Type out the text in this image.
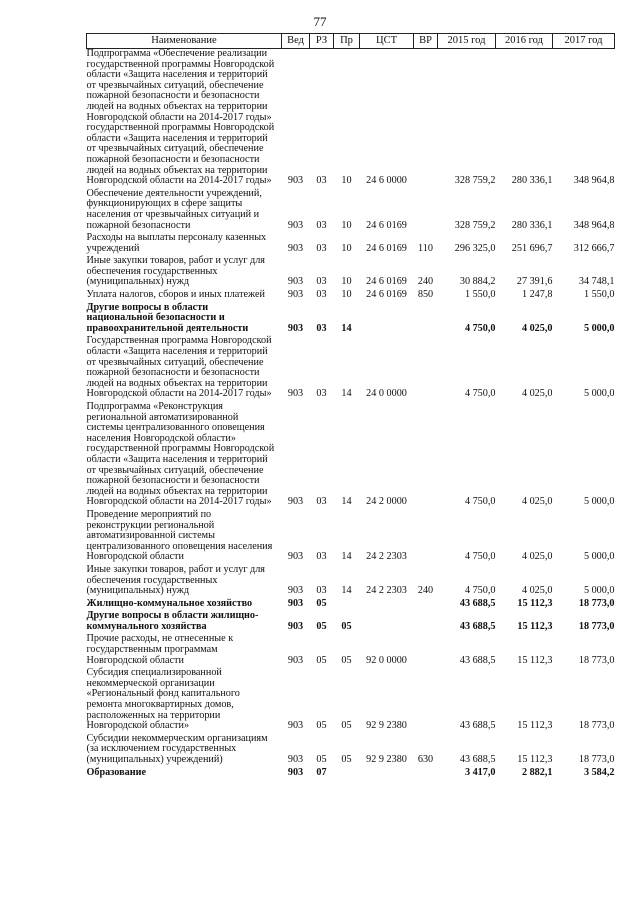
77
Наименование	Вед	РЗ	Пр	ЦСТ	ВР	2015 год	2016 год	2017 год
Подпрограмма «Обеспечение реализации государственной программы Новгородской области «Защита населения и территорий от чрезвычайных ситуаций, обеспечение пожарной безопасности и безопасности людей на водных объектах на территории Новгородской области на 2014-2017 годы» государственной программы Новгородской области «Защита населения и территорий от чрезвычайных ситуаций, обеспечение пожарной безопасности и безопасности людей на водных объектах на территории Новгородской области на 2014-2017 годы»	903	03	10	24 6 0000		328 759,2	280 336,1	348 964,8
Обеспечение деятельности учреждений, функционирующих в сфере защиты населения от чрезвычайных ситуаций и пожарной безопасности	903	03	10	24 6 0169		328 759,2	280 336,1	348 964,8
Расходы на выплаты персоналу казенных учреждений	903	03	10	24 6 0169	110	296 325,0	251 696,7	312 666,7
Иные закупки товаров, работ и услуг для обеспечения государственных (муниципальных) нужд	903	03	10	24 6 0169	240	30 884,2	27 391,6	34 748,1
Уплата налогов, сборов и иных платежей	903	03	10	24 6 0169	850	1 550,0	1 247,8	1 550,0
Другие вопросы в области национальной безопасности и правоохранительной деятельности	903	03	14			4 750,0	4 025,0	5 000,0
Государственная программа Новгородской области «Защита населения и территорий от чрезвычайных ситуаций, обеспечение пожарной безопасности и безопасности людей на водных объектах на территории Новгородской области на 2014-2017 годы»	903	03	14	24 0 0000		4 750,0	4 025,0	5 000,0
Подпрограмма «Реконструкция региональной автоматизированной системы централизованного оповещения населения Новгородской области» государственной программы Новгородской области «Защита населения и территорий от чрезвычайных ситуаций, обеспечение пожарной безопасности и безопасности людей на водных объектах на территории Новгородской области на 2014-2017 годы»	903	03	14	24 2 0000		4 750,0	4 025,0	5 000,0
Проведение мероприятий по реконструкции региональной автоматизированной системы централизованного оповещения населения Новгородской области	903	03	14	24 2 2303		4 750,0	4 025,0	5 000,0
Иные закупки товаров, работ и услуг для обеспечения государственных (муниципальных) нужд	903	03	14	24 2 2303	240	4 750,0	4 025,0	5 000,0
Жилищно-коммунальное хозяйство	903	05				43 688,5	15 112,3	18 773,0
Другие вопросы в области жилищно-коммунального хозяйства	903	05	05			43 688,5	15 112,3	18 773,0
Прочие расходы, не отнесенные к государственным программам Новгородской области	903	05	05	92 0 0000		43 688,5	15 112,3	18 773,0
Субсидия специализированной некоммерческой организации «Региональный фонд капитального ремонта многоквартирных домов, расположенных на территории Новгородской области»	903	05	05	92 9 2380		43 688,5	15 112,3	18 773,0
Субсидии некоммерческим организациям (за исключением государственных (муниципальных) учреждений)	903	05	05	92 9 2380	630	43 688,5	15 112,3	18 773,0
Образование	903	07				3 417,0	2 882,1	3 584,2
